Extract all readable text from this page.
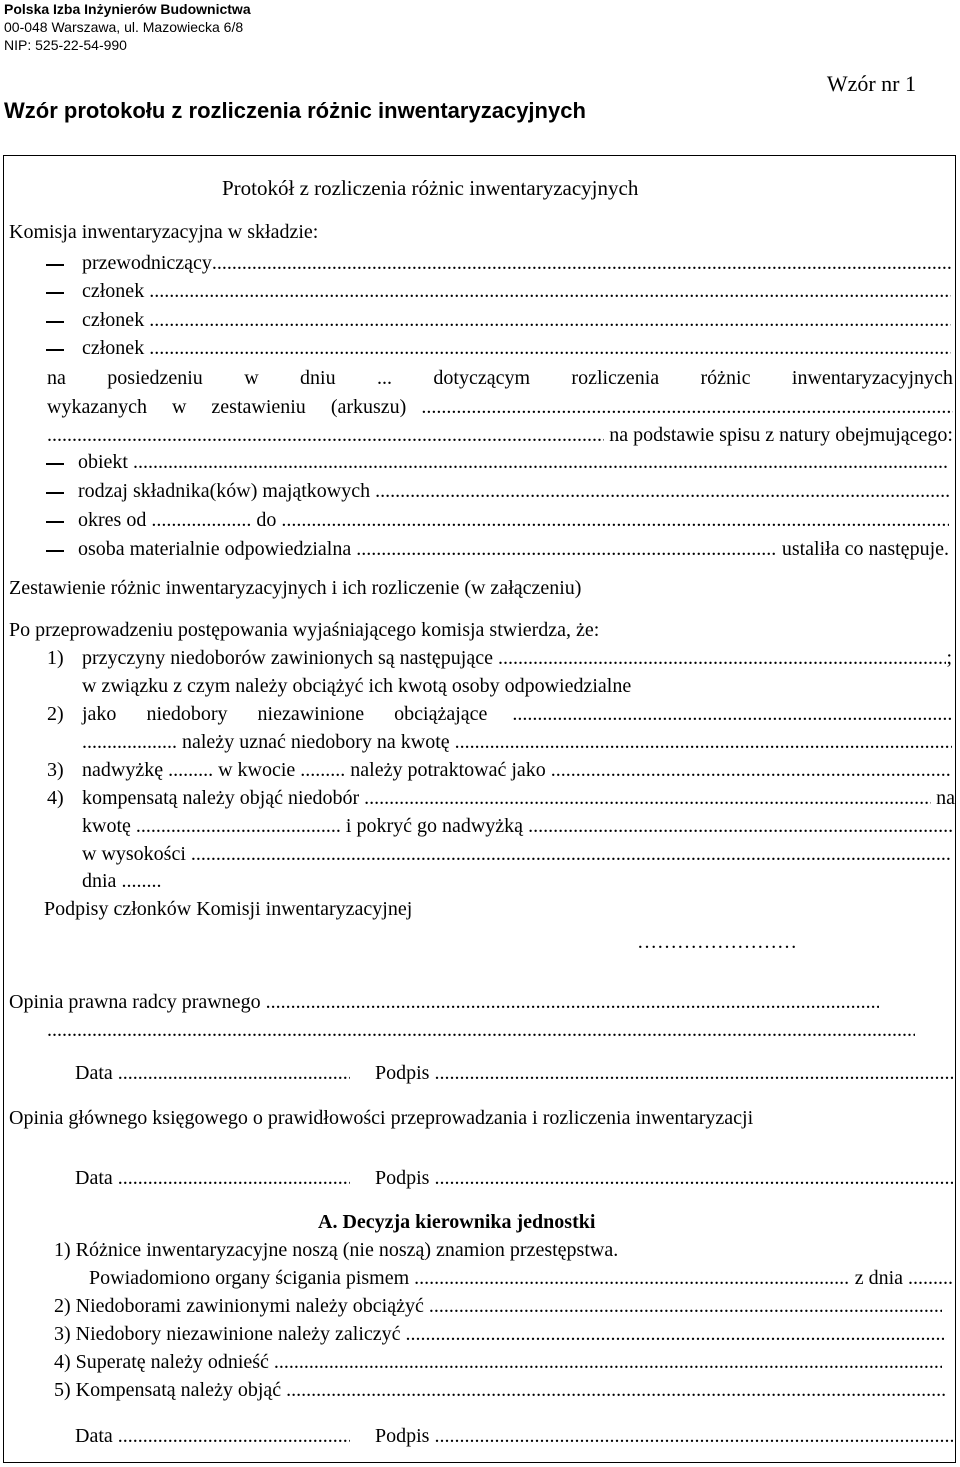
Polska Izba Inżynierów Budownictwa
00-048 Warszawa, ul. Mazowiecka 6/8
NIP: 525-22-54-990
Wzór nr 1
Wzór protokołu z rozliczenia różnic inwentaryzacyjnych
Protokół z rozliczenia różnic inwentaryzacyjnych
Komisja inwentaryzacyjna w składzie:
przewodniczący
.....
członek

.....
członek

.....
członek

.....
na posiedzeniu w dniu ... dotyczącym rozliczenia różnic inwentaryzacyjnych
wykazanych
w
zestawieniu
(arkuszu)

.....
.....

na podstawie spisu z natury obejmującego:
obiekt

.....
rodzaj składnika(ków) majątkowych

.....
okres od
....................
do

.....
osoba materialnie odpowiedzialna
.....
	ustaliła co następuje.
Zestawienie różnic inwentaryzacyjnych i ich rozliczenie (w załączeniu)
Po przeprowadzeniu postępowania wyjaśniającego komisja stwierdza, że:
1) przyczyny niedoborów zawinionych są następujące
.....	;
w związku z czym należy obciążyć ich kwotą osoby odpowiedzialne
2) jako
niedobory
niezawinione
obciążające

.....
...................
należy uznać niedobory na kwotę

.....
3) nadwyżkę
.........
w kwocie
.........
należy potraktować jako

.....
4) kompensatą należy objąć niedobór
.....
	na
kwotę
.........................................
i pokryć go nadwyżką

.....
w wysokości

.....
dnia ........
Podpisy członków Komisji inwentaryzacyjnej
……………………
Opinia prawna radcy prawnego

.....
.....
Data
.....	Podpis

.....
Opinia głównego księgowego o prawidłowości przeprowadzania i rozliczenia inwentaryzacji
Data
.....	Podpis

.....
A. Decyzja kierownika jednostki
1) Różnice inwentaryzacyjne noszą (nie noszą) znamion przestępstwa.
Powiadomiono organy ścigania pismem
.....
	z dnia
.........
2) Niedoborami zawinionymi należy obciążyć

.....
3) Niedobory niezawinione należy zaliczyć

.....
4) Superatę należy odnieść

.....
5) Kompensatą należy objąć

.....
Data
.....	Podpis

.....
